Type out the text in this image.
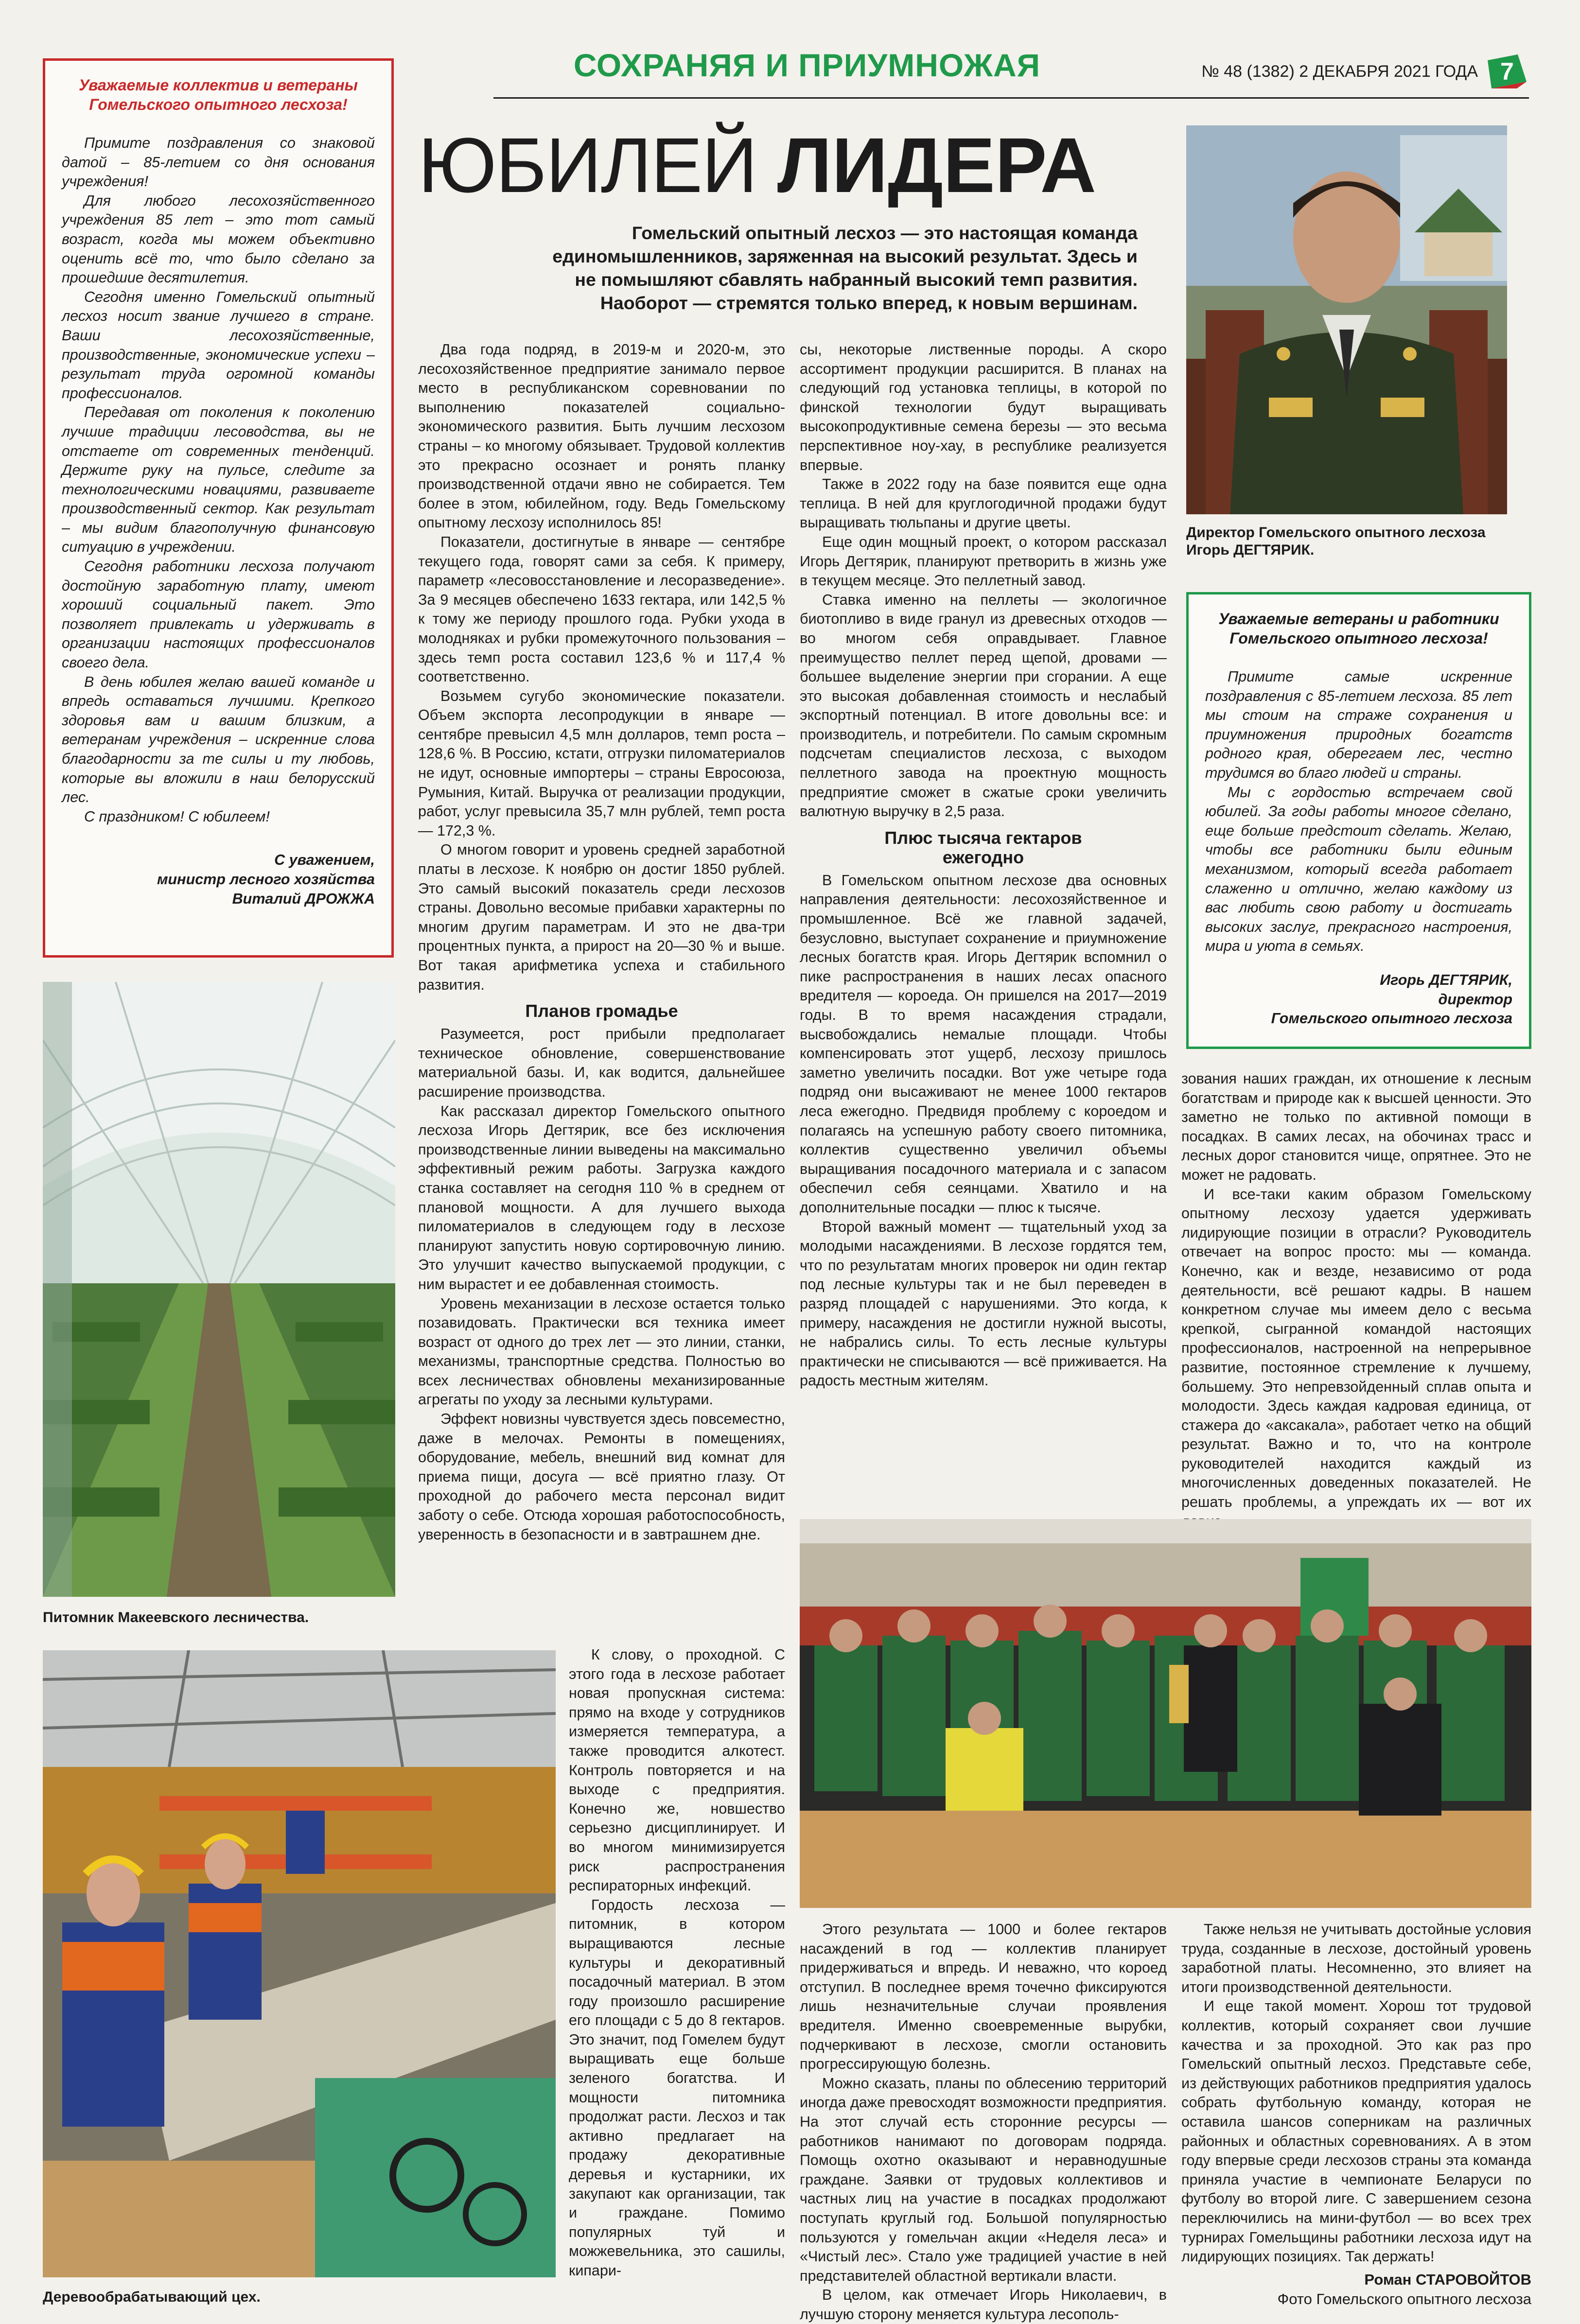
СОХРАНЯЯ И ПРИУМНОЖАЯ	№ 48 (1382) 2 ДЕКАБРЯ 2021 ГОДА 7
ЮБИЛЕЙ ЛИДЕРА
Гомельский опытный лесхоз — это настоящая команда единомышленников, заряженная на высокий результат. Здесь и не помышляют сбавлять набранный высокий темп развития. Наоборот — стремятся только вперед, к новым вершинам.

Уважаемые коллектив и ветераны Гомельского опытного лесхоза!

Примите поздравления со знаковой датой – 85-летием со дня основания учреждения!

Для любого лесохозяйственного учреждения 85 лет – это тот самый возраст, когда мы можем объективно оценить всё то, что было сделано за прошедшие десятилетия.

Сегодня именно Гомельский опытный лесхоз носит звание лучшего в стране. Ваши лесохозяйственные, производственные, экономические успехи – результат труда огромной команды профессионалов.

Передавая от поколения к поколению лучшие традиции лесоводства, вы не отстаете от современных тенденций. Держите руку на пульсе, следите за технологическими новациями, развиваете производственный сектор. Как результат – мы видим благополучную финансовую ситуацию в учреждении.

Сегодня работники лесхоза получают достойную заработную плату, имеют хороший социальный пакет. Это позволяет привлекать и удерживать в организации настоящих профессионалов своего дела.

В день юбилея желаю вашей команде и впредь оставаться лучшими. Крепкого здоровья вам и вашим близким, а ветеранам учреждения – искренние слова благодарности за те силы и ту любовь, которые вы вложили в наш белорусский лес.

С праздником! С юбилеем!

С уважением,
министр лесного хозяйства
Виталий ДРОЖЖА

Два года подряд, в 2019-м и 2020-м, это лесохозяйственное предприятие занимало первое место в республиканском соревновании по выполнению показателей социально-экономического развития. Быть лучшим лесхозом страны – ко многому обязывает. Трудовой коллектив это прекрасно осознает и ронять планку производственной отдачи явно не собирается. Тем более в этом, юбилейном, году. Ведь Гомельскому опытному лесхозу исполнилось 85!

Показатели, достигнутые в январе — сентябре текущего года, говорят сами за себя. К примеру, параметр «лесовосстановление и лесоразведение». За 9 месяцев обеспечено 1633 гектара, или 142,5 % к тому же периоду прошлого года. Рубки ухода в молодняках и рубки промежуточного пользования – здесь темп роста составил 123,6 % и 117,4 % соответственно.

Возьмем сугубо экономические показатели. Объем экспорта лесопродукции в январе — сентябре превысил 4,5 млн долларов, темп роста – 128,6 %. В Россию, кстати, отгрузки пиломатериалов не идут, основные импортеры – страны Евросоюза, Румыния, Китай. Выручка от реализации продукции, работ, услуг превысила 35,7 млн рублей, темп роста — 172,3 %.

О многом говорит и уровень средней заработной платы в лесхозе. К ноябрю он достиг 1850 рублей. Это самый высокий показатель среди лесхозов страны. Довольно весомые прибавки характерны по многим другим параметрам. И это не два-три процентных пункта, а прирост на 20—30 % и выше. Вот такая арифметика успеха и стабильного развития.

Планов громадье

Разумеется, рост прибыли предполагает техническое обновление, совершенствование материальной базы. И, как водится, дальнейшее расширение производства.

Как рассказал директор Гомельского опытного лесхоза Игорь Дегтярик, все без исключения производственные линии выведены на максимально эффективный режим работы. Загрузка каждого станка составляет на сегодня 110 % в среднем от плановой мощности. А для лучшего выхода пиломатериалов в следующем году в лесхозе планируют запустить новую сортировочную линию. Это улучшит качество выпускаемой продукции, с ним вырастет и ее добавленная стоимость.

Уровень механизации в лесхозе остается только позавидовать. Практически вся техника имеет возраст от одного до трех лет — это линии, станки, механизмы, транспортные средства. Полностью во всех лесничествах обновлены механизированные агрегаты по уходу за лесными культурами.

Эффект новизны чувствуется здесь повсеместно, даже в мелочах. Ремонты в помещениях, оборудование, мебель, внешний вид комнат для приема пищи, досуга — всё приятно глазу. От проходной до рабочего места персонал видит заботу о себе. Отсюда хорошая работоспособность, уверенность в безопасности и в завтрашнем дне.

К слову, о проходной. С этого года в лесхозе работает новая пропускная система: прямо на входе у сотрудников измеряется температура, а также проводится алкотест. Контроль повторяется и на выходе с предприятия. Конечно же, новшество серьезно дисциплинирует. И во многом минимизируется риск распространения респираторных инфекций.

Гордость лесхоза — питомник, в котором выращиваются лесные культуры и декоративный посадочный материал. В этом году произошло расширение его площади с 5 до 8 гектаров. Это значит, под Гомелем будут выращивать еще больше зеленого богатства. И мощности питомника продолжат расти. Лесхоз и так активно предлагает на продажу декоративные деревья и кустарники, их закупают как организации, так и граждане. Помимо популярных туй и можжевельника, это сашилы, кипари-

сы, некоторые лиственные породы. А скоро ассортимент продукции расширится. В планах на следующий год установка теплицы, в которой по финской технологии будут выращивать высокопродуктивные семена березы — это весьма перспективное ноу-хау, в республике реализуется впервые.

Также в 2022 году на базе появится еще одна теплица. В ней для круглогодичной продажи будут выращивать тюльпаны и другие цветы.

Еще один мощный проект, о котором рассказал Игорь Дегтярик, планируют претворить в жизнь уже в текущем месяце. Это пеллетный завод.

Ставка именно на пеллеты — экологичное биотопливо в виде гранул из древесных отходов — во многом себя оправдывает. Главное преимущество пеллет перед щепой, дровами — большее выделение энергии при сгорании. А еще это высокая добавленная стоимость и неслабый экспортный потенциал. В итоге довольны все: и производитель, и потребители. По самым скромным подсчетам специалистов лесхоза, с выходом пеллетного завода на проектную мощность предприятие сможет в сжатые сроки увеличить валютную выручку в 2,5 раза.

Плюс тысяча гектаров ежегодно

В Гомельском опытном лесхозе два основных направления деятельности: лесохозяйственное и промышленное. Всё же главной задачей, безусловно, выступает сохранение и приумножение лесных богатств края. Игорь Дегтярик вспомнил о пике распространения в наших лесах опасного вредителя — короеда. Он пришелся на 2017—2019 годы. В то время насаждения страдали, высвобождались немалые площади. Чтобы компенсировать этот ущерб, лесхозу пришлось заметно увеличить посадки. Вот уже четыре года подряд они высаживают не менее 1000 гектаров леса ежегодно. Предвидя проблему с короедом и полагаясь на успешную работу своего питомника, коллектив существенно увеличил объемы выращивания посадочного материала и с запасом обеспечил себя сеянцами. Хватило и на дополнительные посадки — плюс к тысяче.

Второй важный момент — тщательный уход за молодыми насаждениями. В лесхозе гордятся тем, что по результатам многих проверок ни один гектар под лесные культуры так и не был переведен в разряд площадей с нарушениями. Это когда, к примеру, насаждения не достигли нужной высоты, не набрались силы. То есть лесные культуры практически не списываются — всё приживается. На радость местным жителям.

Этого результата — 1000 и более гектаров насаждений в год — коллектив планирует придерживаться и впредь. И неважно, что короед отступил. В последнее время точечно фиксируются лишь незначительные случаи проявления вредителя. Именно своевременные вырубки, подчеркивают в лесхозе, смогли остановить прогрессирующую болезнь.

Можно сказать, планы по облесению территорий иногда даже превосходят возможности предприятия. На этот случай есть сторонние ресурсы — работников нанимают по договорам подряда. Помощь охотно оказывают и неравнодушные граждане. Заявки от трудовых коллективов и частных лиц на участие в посадках продолжают поступать круглый год. Большой популярностью пользуются у гомельчан акции «Неделя леса» и «Чистый лес». Стало уже традицией участие в ней представителей областной вертикали власти.

В целом, как отмечает Игорь Николаевич, в лучшую сторону меняется культура лесополь-

зования наших граждан, их отношение к лесным богатствам и природе как к высшей ценности. Это заметно не только по активной помощи в посадках. В самих лесах, на обочинах трасс и лесных дорог становится чище, опрятнее. Это не может не радовать.

И все-таки каким образом Гомельскому опытному лесхозу удается удерживать лидирующие позиции в отрасли? Руководитель отвечает на вопрос просто: мы — команда. Конечно, как и везде, независимо от рода деятельности, всё решают кадры. В нашем конкретном случае мы имеем дело с весьма крепкой, сыгранной командой настоящих профессионалов, настроенной на непрерывное развитие, постоянное стремление к лучшему, большему. Это непревзойденный сплав опыта и молодости. Здесь каждая кадровая единица, от стажера до «аксакала», работает четко на общий результат. Важно и то, что на контроле руководителей находится каждый из многочисленных доведенных показателей. Не решать проблемы, а упреждать их — вот их

Также нельзя не учитывать достойные условия труда, созданные в лесхозе, достойный уровень заработной платы. Несомненно, это влияет на итоги производственной деятельности.

И еще такой момент. Хорош тот трудовой коллектив, который сохраняет свои лучшие качества и за проходной. Это как раз про Гомельский опытный лесхоз. Представьте себе, из действующих работников предприятия удалось собрать футбольную команду, которая не оставила шансов соперникам на различных районных и областных соревнованиях. А в этом году впервые среди лесхозов страны эта команда приняла участие в чемпионате Беларуси по футболу во второй лиге. С завершением сезона переключились на мини-футбол — во всех трех турнирах Гомельщины работники лесхоза идут на лидирующих позициях. Так держать!

Роман СТАРОВОЙТОВ
Фото Гомельского опытного лесхоза
Директор Гомельского опытного лесхоза Игорь ДЕГТЯРИК.

Уважаемые ветераны и работники Гомельского опытного лесхоза!

Примите самые искренние поздравления с 85-летием лесхоза. 85 лет мы стоим на страже сохранения и приумножения природных богатств родного края, оберегаем лес, честно трудимся во благо людей и страны.

Мы с гордостью встречаем свой юбилей. За годы работы многое сделано, еще больше предстоит сделать. Желаю, чтобы все работники были единым механизмом, который всегда работает слаженно и отлично, желаю каждому из вас любить свою работу и достигать высоких заслуг, прекрасного настроения, мира и уюта в семьях.

Игорь ДЕГТЯРИК,
директор
Гомельского опытного лесхоза

Питомник Макеевского лесничества.
Деревообрабатывающий цех.
